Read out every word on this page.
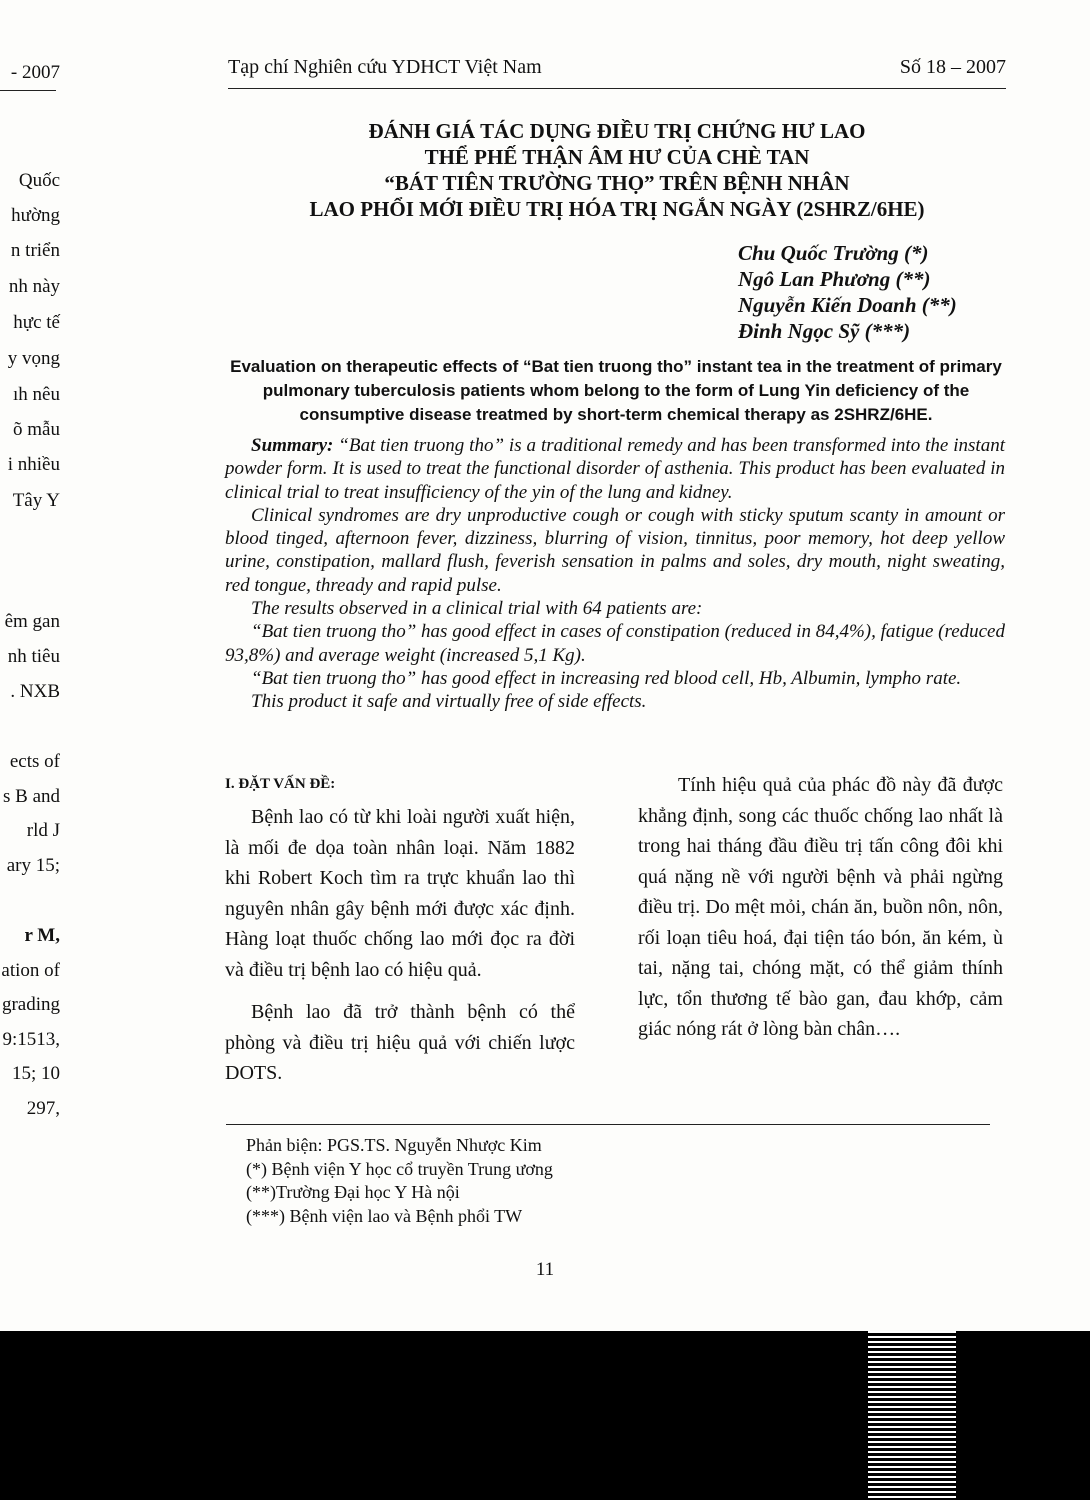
- 2007
Quốc
hường
n triển
nh này
hực tế
y vọng
ıh nêu
õ mẫu
i nhiều
Tây Y
êm gan
nh tiêu
. NXB
ects of
s B and
rld J
ary 15;
r M,
ation of
grading
9:1513,
15; 10
297,
Tạp chí Nghiên cứu YDHCT Việt Nam	Số 18 – 2007
ĐÁNH GIÁ TÁC DỤNG ĐIỀU TRỊ CHỨNG HƯ LAO
THỂ PHẾ THẬN ÂM HƯ CỦA CHÈ TAN
“BÁT TIÊN TRƯỜNG THỌ” TRÊN BỆNH NHÂN
LAO PHỔI MỚI ĐIỀU TRỊ HÓA TRỊ NGẮN NGÀY (2SHRZ/6HE)
Chu Quốc Trường (*)
Ngô Lan Phương (**)
Nguyễn Kiến Doanh (**)
Đinh Ngọc Sỹ (***)
Evaluation on therapeutic effects of “Bat tien truong tho” instant tea in the treatment of primary pulmonary tuberculosis patients whom belong to the form of Lung Yin deficiency of the consumptive disease treatmed by short-term chemical therapy as 2SHRZ/6HE.

Summary: “Bat tien truong tho” is a traditional remedy and has been transformed into the instant powder form. It is used to treat the functional disorder of asthenia. This product has been evaluated in clinical trial to treat insufficiency of the yin of the lung and kidney.

Clinical syndromes are dry unproductive cough or cough with sticky sputum scanty in amount or blood tinged, afternoon fever, dizziness, blurring of vision, tinnitus, poor memory, hot deep yellow urine, constipation, mallard flush, feverish sensation in palms and soles, dry mouth, night sweating, red tongue, thready and rapid pulse.

The results observed in a clinical trial with 64 patients are:

“Bat tien truong tho” has good effect in cases of constipation (reduced in 84,4%), fatigue (reduced 93,8%) and average weight (increased 5,1 Kg).

“Bat tien truong tho” has good effect in increasing red blood cell, Hb, Albumin, lympho rate.

This product it safe and virtually free of side effects.

I. ĐẶT VẤN ĐỀ:

Bệnh lao có từ khi loài người xuất hiện, là mối đe dọa toàn nhân loại. Năm 1882 khi Robert Koch tìm ra trực khuẩn lao thì nguyên nhân gây bệnh mới được xác định. Hàng loạt thuốc chống lao mới đọc ra đời và điều trị bệnh lao có hiệu quả.

Bệnh lao đã trở thành bệnh có thể phòng và điều trị hiệu quả với chiến lược DOTS.

Tính hiệu quả của phác đồ này đã được khẳng định, song các thuốc chống lao nhất là trong hai tháng đầu điều trị tấn công đôi khi quá nặng nề với người bệnh và phải ngừng điều trị. Do mệt mỏi, chán ăn, buồn nôn, nôn, rối loạn tiêu hoá, đại tiện táo bón, ăn kém, ù tai, nặng tai, chóng mặt, có thể giảm thính lực, tổn thương tế bào gan, đau khớp, cảm giác nóng rát ở lòng bàn chân….

Phản biện: PGS.TS. Nguyễn Nhược Kim
(*) Bệnh viện Y học cổ truyền Trung ương
(**)Trường Đại học Y Hà nội
(***) Bệnh viện lao và Bệnh phổi TW
11
